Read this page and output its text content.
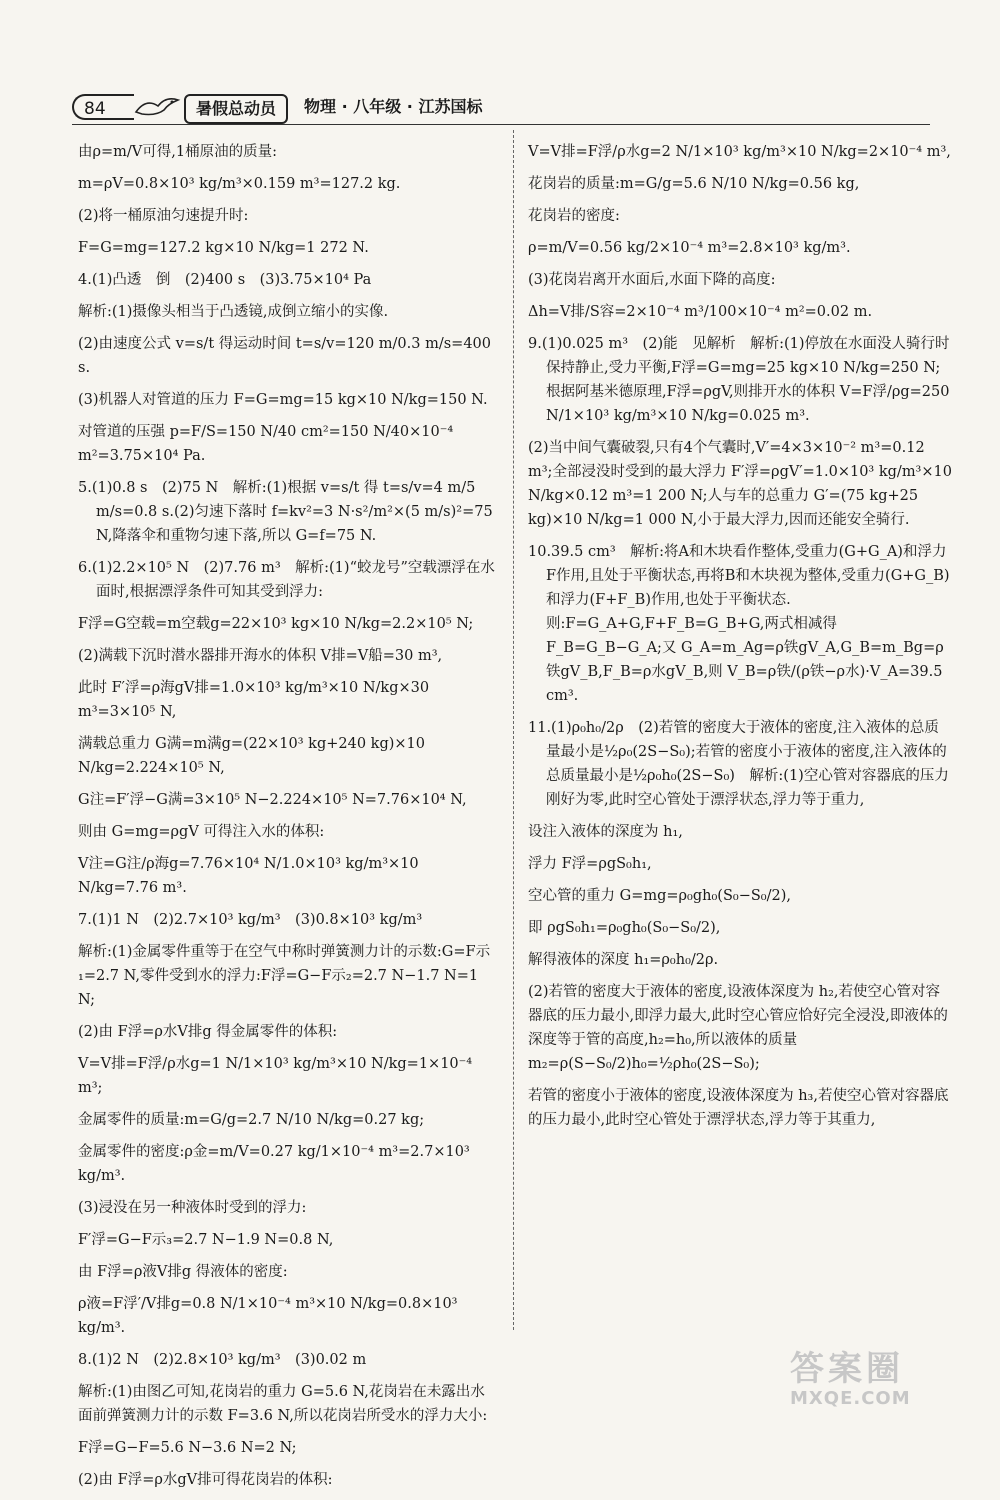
84	暑假总动员	物理 · 八年级 · 江苏国标

由ρ=m/V可得,1桶原油的质量:

m=ρV=0.8×10³ kg/m³×0.159 m³=127.2 kg.

(2)将一桶原油匀速提升时:

F=G=mg=127.2 kg×10 N/kg=1 272 N.

4.(1)凸透　倒　(2)400 s　(3)3.75×10⁴ Pa

解析:(1)摄像头相当于凸透镜,成倒立缩小的实像.

(2)由速度公式 v=s/t 得运动时间 t=s/v=120 m/0.3 m/s=400 s.

(3)机器人对管道的压力 F=G=mg=15 kg×10 N/kg=150 N.

对管道的压强 p=F/S=150 N/40 cm²=150 N/40×10⁻⁴ m²=3.75×10⁴ Pa.

5.(1)0.8 s　(2)75 N　解析:(1)根据 v=s/t 得 t=s/v=4 m/5 m/s=0.8 s.(2)匀速下落时 f=kv²=3 N·s²/m²×(5 m/s)²=75 N,降落伞和重物匀速下落,所以 G=f=75 N.

6.(1)2.2×10⁵ N　(2)7.76 m³　解析:(1)“蛟龙号”空载漂浮在水面时,根据漂浮条件可知其受到浮力:

F浮=G空载=m空载g=22×10³ kg×10 N/kg=2.2×10⁵ N;

(2)满载下沉时潜水器排开海水的体积 V排=V船=30 m³,

此时 F′浮=ρ海gV排=1.0×10³ kg/m³×10 N/kg×30 m³=3×10⁵ N,

满载总重力 G满=m满g=(22×10³ kg+240 kg)×10 N/kg=2.224×10⁵ N,

G注=F′浮−G满=3×10⁵ N−2.224×10⁵ N=7.76×10⁴ N,

则由 G=mg=ρgV 可得注入水的体积:

V注=G注/ρ海g=7.76×10⁴ N/1.0×10³ kg/m³×10 N/kg=7.76 m³.

7.(1)1 N　(2)2.7×10³ kg/m³　(3)0.8×10³ kg/m³

解析:(1)金属零件重等于在空气中称时弹簧测力计的示数:G=F示₁=2.7 N,零件受到水的浮力:F浮=G−F示₂=2.7 N−1.7 N=1 N;

(2)由 F浮=ρ水V排g 得金属零件的体积:

V=V排=F浮/ρ水g=1 N/1×10³ kg/m³×10 N/kg=1×10⁻⁴ m³;

金属零件的质量:m=G/g=2.7 N/10 N/kg=0.27 kg;

金属零件的密度:ρ金=m/V=0.27 kg/1×10⁻⁴ m³=2.7×10³ kg/m³.

(3)浸没在另一种液体时受到的浮力:

F′浮=G−F示₃=2.7 N−1.9 N=0.8 N,

由 F浮=ρ液V排g 得液体的密度:

ρ液=F浮′/V排g=0.8 N/1×10⁻⁴ m³×10 N/kg=0.8×10³ kg/m³.

8.(1)2 N　(2)2.8×10³ kg/m³　(3)0.02 m

解析:(1)由图乙可知,花岗岩的重力 G=5.6 N,花岗岩在未露出水面前弹簧测力计的示数 F=3.6 N,所以花岗岩所受水的浮力大小:

F浮=G−F=5.6 N−3.6 N=2 N;

(2)由 F浮=ρ水gV排可得花岗岩的体积:

V=V排=F浮/ρ水g=2 N/1×10³ kg/m³×10 N/kg=2×10⁻⁴ m³,

花岗岩的质量:m=G/g=5.6 N/10 N/kg=0.56 kg,

花岗岩的密度:

ρ=m/V=0.56 kg/2×10⁻⁴ m³=2.8×10³ kg/m³.

(3)花岗岩离开水面后,水面下降的高度:

Δh=V排/S容=2×10⁻⁴ m³/100×10⁻⁴ m²=0.02 m.

9.(1)0.025 m³　(2)能　见解析　解析:(1)停放在水面没人骑行时保持静止,受力平衡,F浮=G=mg=25 kg×10 N/kg=250 N;根据阿基米德原理,F浮=ρgV,则排开水的体积 V=F浮/ρg=250 N/1×10³ kg/m³×10 N/kg=0.025 m³.

(2)当中间气囊破裂,只有4个气囊时,V′=4×3×10⁻² m³=0.12 m³;全部浸没时受到的最大浮力 F′浮=ρgV′=1.0×10³ kg/m³×10 N/kg×0.12 m³=1 200 N;人与车的总重力 G′=(75 kg+25 kg)×10 N/kg=1 000 N,小于最大浮力,因而还能安全骑行.

10.39.5 cm³　解析:将A和木块看作整体,受重力(G+G_A)和浮力F作用,且处于平衡状态,再将B和木块视为整体,受重力(G+G_B)和浮力(F+F_B)作用,也处于平衡状态.则:F=G_A+G,F+F_B=G_B+G,两式相减得 F_B=G_B−G_A;又 G_A=m_Ag=ρ铁gV_A,G_B=m_Bg=ρ铁gV_B,F_B=ρ水gV_B,则 V_B=ρ铁/(ρ铁−ρ水)·V_A=39.5 cm³.

11.(1)ρ₀h₀/2ρ　(2)若管的密度大于液体的密度,注入液体的总质量最小是½ρ₀(2S−S₀);若管的密度小于液体的密度,注入液体的总质量最小是½ρ₀h₀(2S−S₀)　解析:(1)空心管对容器底的压力刚好为零,此时空心管处于漂浮状态,浮力等于重力,

设注入液体的深度为 h₁,

浮力 F浮=ρgS₀h₁,

空心管的重力 G=mg=ρ₀gh₀(S₀−S₀/2),

即 ρgS₀h₁=ρ₀gh₀(S₀−S₀/2),

解得液体的深度 h₁=ρ₀h₀/2ρ.

(2)若管的密度大于液体的密度,设液体深度为 h₂,若使空心管对容器底的压力最小,即浮力最大,此时空心管应恰好完全浸没,即液体的深度等于管的高度,h₂=h₀,所以液体的质量 m₂=ρ(S−S₀/2)h₀=½ρh₀(2S−S₀);

若管的密度小于液体的密度,设液体深度为 h₃,若使空心管对容器底的压力最小,此时空心管处于漂浮状态,浮力等于其重力,

答案圈
MXQE.COM
